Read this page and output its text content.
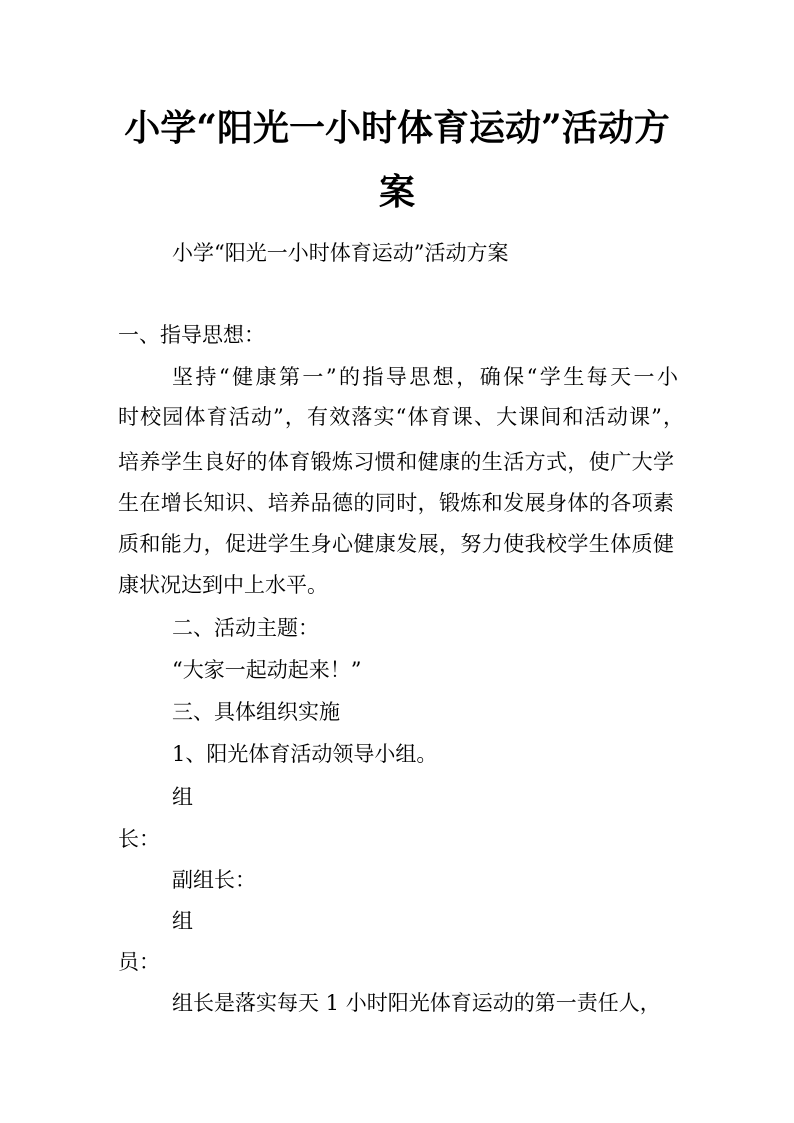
小学“阳光一小时体育运动”活动方
案
小学“阳光一小时体育运动”活动方案
一、指导思想：
坚持“健康第一”的指导思想，确保“学生每天一小
时校园体育活动”，有效落实“体育课、大课间和活动课”，
培养学生良好的体育锻炼习惯和健康的生活方式，使广大学
生在增长知识、培养品德的同时，锻炼和发展身体的各项素
质和能力，促进学生身心健康发展，努力使我校学生体质健
康状况达到中上水平。
二、活动主题：
“大家一起动起来！”
三、具体组织实施
1、阳光体育活动领导小组。
组
长：
副组长：
组
员：
组长是落实每天 1 小时阳光体育运动的第一责任人，
